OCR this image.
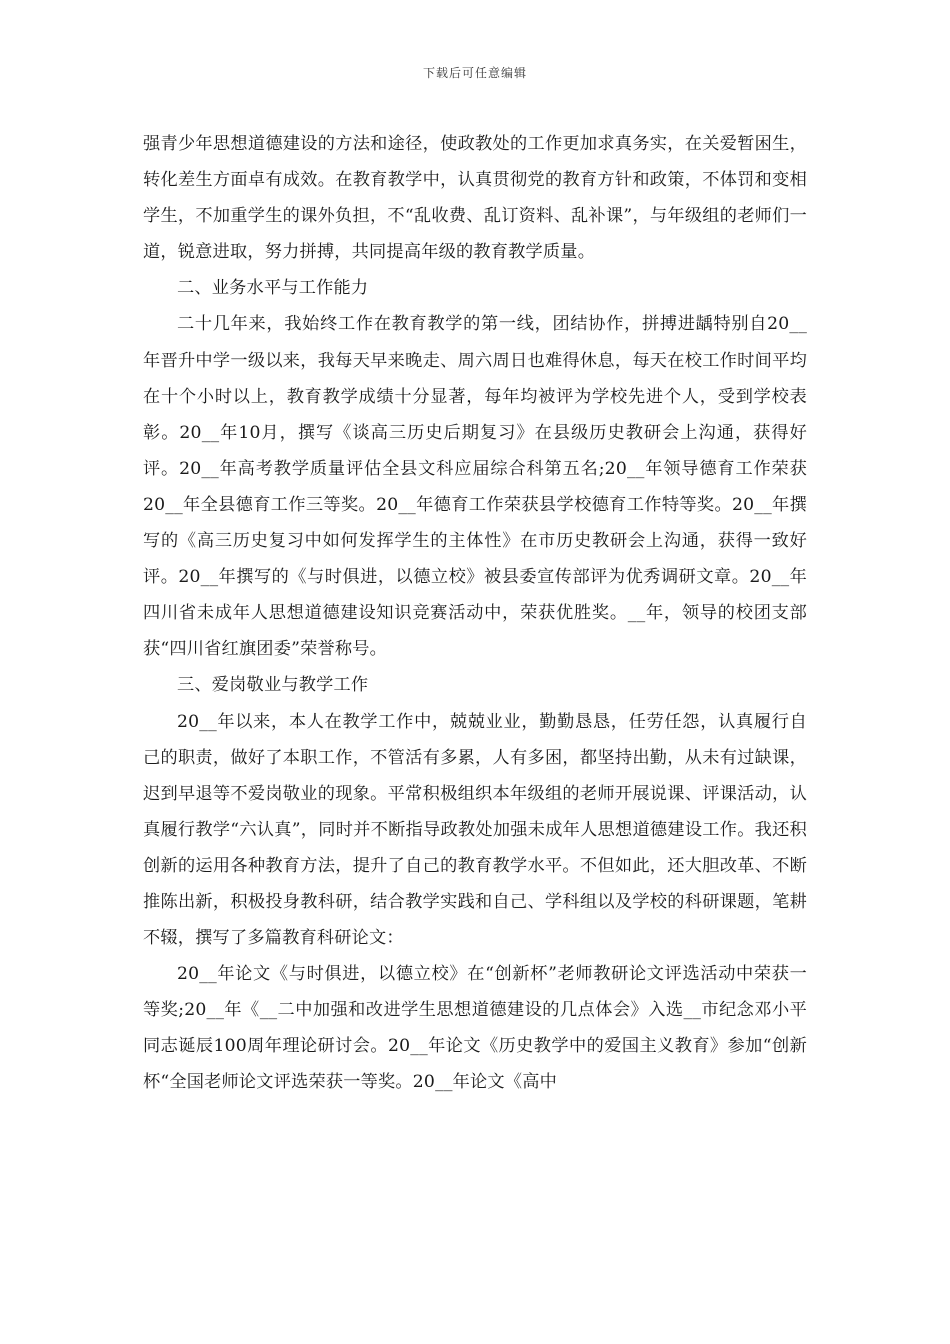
下载后可任意编辑

强青少年思想道德建设的方法和途径，使政教处的工作更加求真务实，在关爱暂困生，转化差生方面卓有成效。在教育教学中，认真贯彻党的教育方针和政策，不体罚和变相学生，不加重学生的课外负担，不“乱收费、乱订资料、乱补课”，与年级组的老师们一道，锐意进取，努力拼搏，共同提高年级的教育教学质量。

二、业务水平与工作能力

二十几年来，我始终工作在教育教学的第一线，团结协作，拼搏进龋特别自20__年晋升中学一级以来，我每天早来晚走、周六周日也难得休息，每天在校工作时间平均在十个小时以上，教育教学成绩十分显著，每年均被评为学校先进个人，受到学校表彰。20__年10月，撰写《谈高三历史后期复习》在县级历史教研会上沟通，获得好评。20__年高考教学质量评估全县文科应届综合科第五名;20__年领导德育工作荣获20__年全县德育工作三等奖。20__年德育工作荣获县学校德育工作特等奖。20__年撰写的《高三历史复习中如何发挥学生的主体性》在市历史教研会上沟通，获得一致好评。20__年撰写的《与时俱进，以德立校》被县委宣传部评为优秀调研文章。20__年四川省未成年人思想道德建设知识竞赛活动中，荣获优胜奖。__年，领导的校团支部获“四川省红旗团委”荣誉称号。

三、爱岗敬业与教学工作

20__年以来，本人在教学工作中，兢兢业业，勤勤恳恳，任劳任怨，认真履行自己的职责，做好了本职工作，不管活有多累，人有多困，都坚持出勤，从未有过缺课，迟到早退等不爱岗敬业的现象。平常积极组织本年级组的老师开展说课、评课活动，认真履行教学“六认真”，同时并不断指导政教处加强未成年人思想道德建设工作。我还积创新的运用各种教育方法，提升了自己的教育教学水平。不但如此，还大胆改革、不断推陈出新，积极投身教科研，结合教学实践和自己、学科组以及学校的科研课题，笔耕不辍，撰写了多篇教育科研论文：

20__年论文《与时俱进，以德立校》在“创新杯”老师教研论文评选活动中荣获一等奖;20__年《__二中加强和改进学生思想道德建设的几点体会》入选__市纪念邓小平同志诞辰100周年理论研讨会。20__年论文《历史教学中的爱国主义教育》参加“创新杯“全国老师论文评选荣获一等奖。20__年论文《高中
